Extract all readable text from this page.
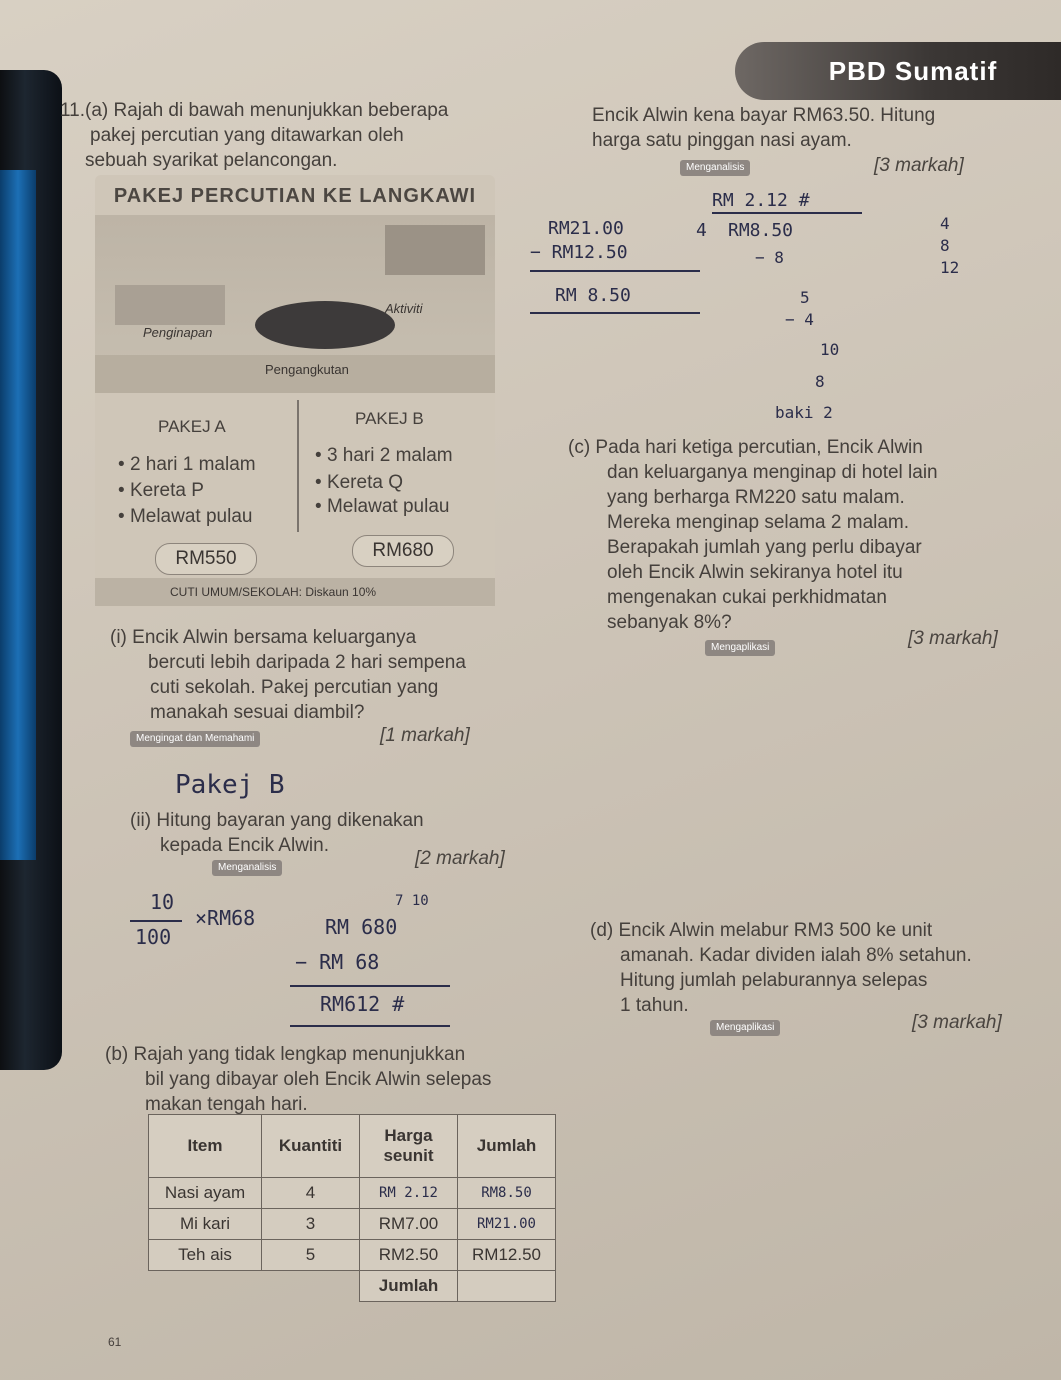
PBD Sumatif
11. (a) Rajah di bawah menunjukkan beberapa
pakej percutian yang ditawarkan oleh
sebuah syarikat pelancongan.
PAKEJ PERCUTIAN KE LANGKAWI
Aktiviti
Penginapan
Pengangkutan
PAKEJ A	PAKEJ B
• 2 hari 1 malam
• Kereta P
• Melawat pulau
• 3 hari 2 malam
• Kereta Q
• Melawat pulau
RM550	RM680
CUTI UMUM/SEKOLAH: Diskaun 10%
(i) Encik Alwin bersama keluarganya
bercuti lebih daripada 2 hari sempena
cuti sekolah. Pakej percutian yang
manakah sesuai diambil?
Mengingat dan Memahami	[1 markah]
Pakej B
(ii) Hitung bayaran yang dikenakan
kepada Encik Alwin.
Menganalisis	[2 markah]
10
100
×RM68
7 10
RM 680
− RM 68
RM612 #
(b) Rajah yang tidak lengkap menunjukkan
bil yang dibayar oleh Encik Alwin selepas
makan tengah hari.
Item	Kuantiti	Harga seunit	Jumlah
Nasi ayam	4	RM 2.12	RM8.50
Mi kari	3	RM7.00	RM21.00
Teh ais	5	RM2.50	RM12.50
		Jumlah	
Encik Alwin kena bayar RM63.50. Hitung
harga satu pinggan nasi ayam.
Menganalisis	[3 markah]
RM21.00
− RM12.50
RM 8.50
RM 2.12 #
4 RM8.50
− 8
5
− 4
10
8
baki 2
4
8
12
(c) Pada hari ketiga percutian, Encik Alwin
dan keluarganya menginap di hotel lain
yang berharga RM220 satu malam.
Mereka menginap selama 2 malam.
Berapakah jumlah yang perlu dibayar
oleh Encik Alwin sekiranya hotel itu
mengenakan cukai perkhidmatan
sebanyak 8%?
Mengaplikasi	[3 markah]
(d) Encik Alwin melabur RM3 500 ke unit
amanah. Kadar dividen ialah 8% setahun.
Hitung jumlah pelaburannya selepas
1 tahun.
Mengaplikasi	[3 markah]
61
